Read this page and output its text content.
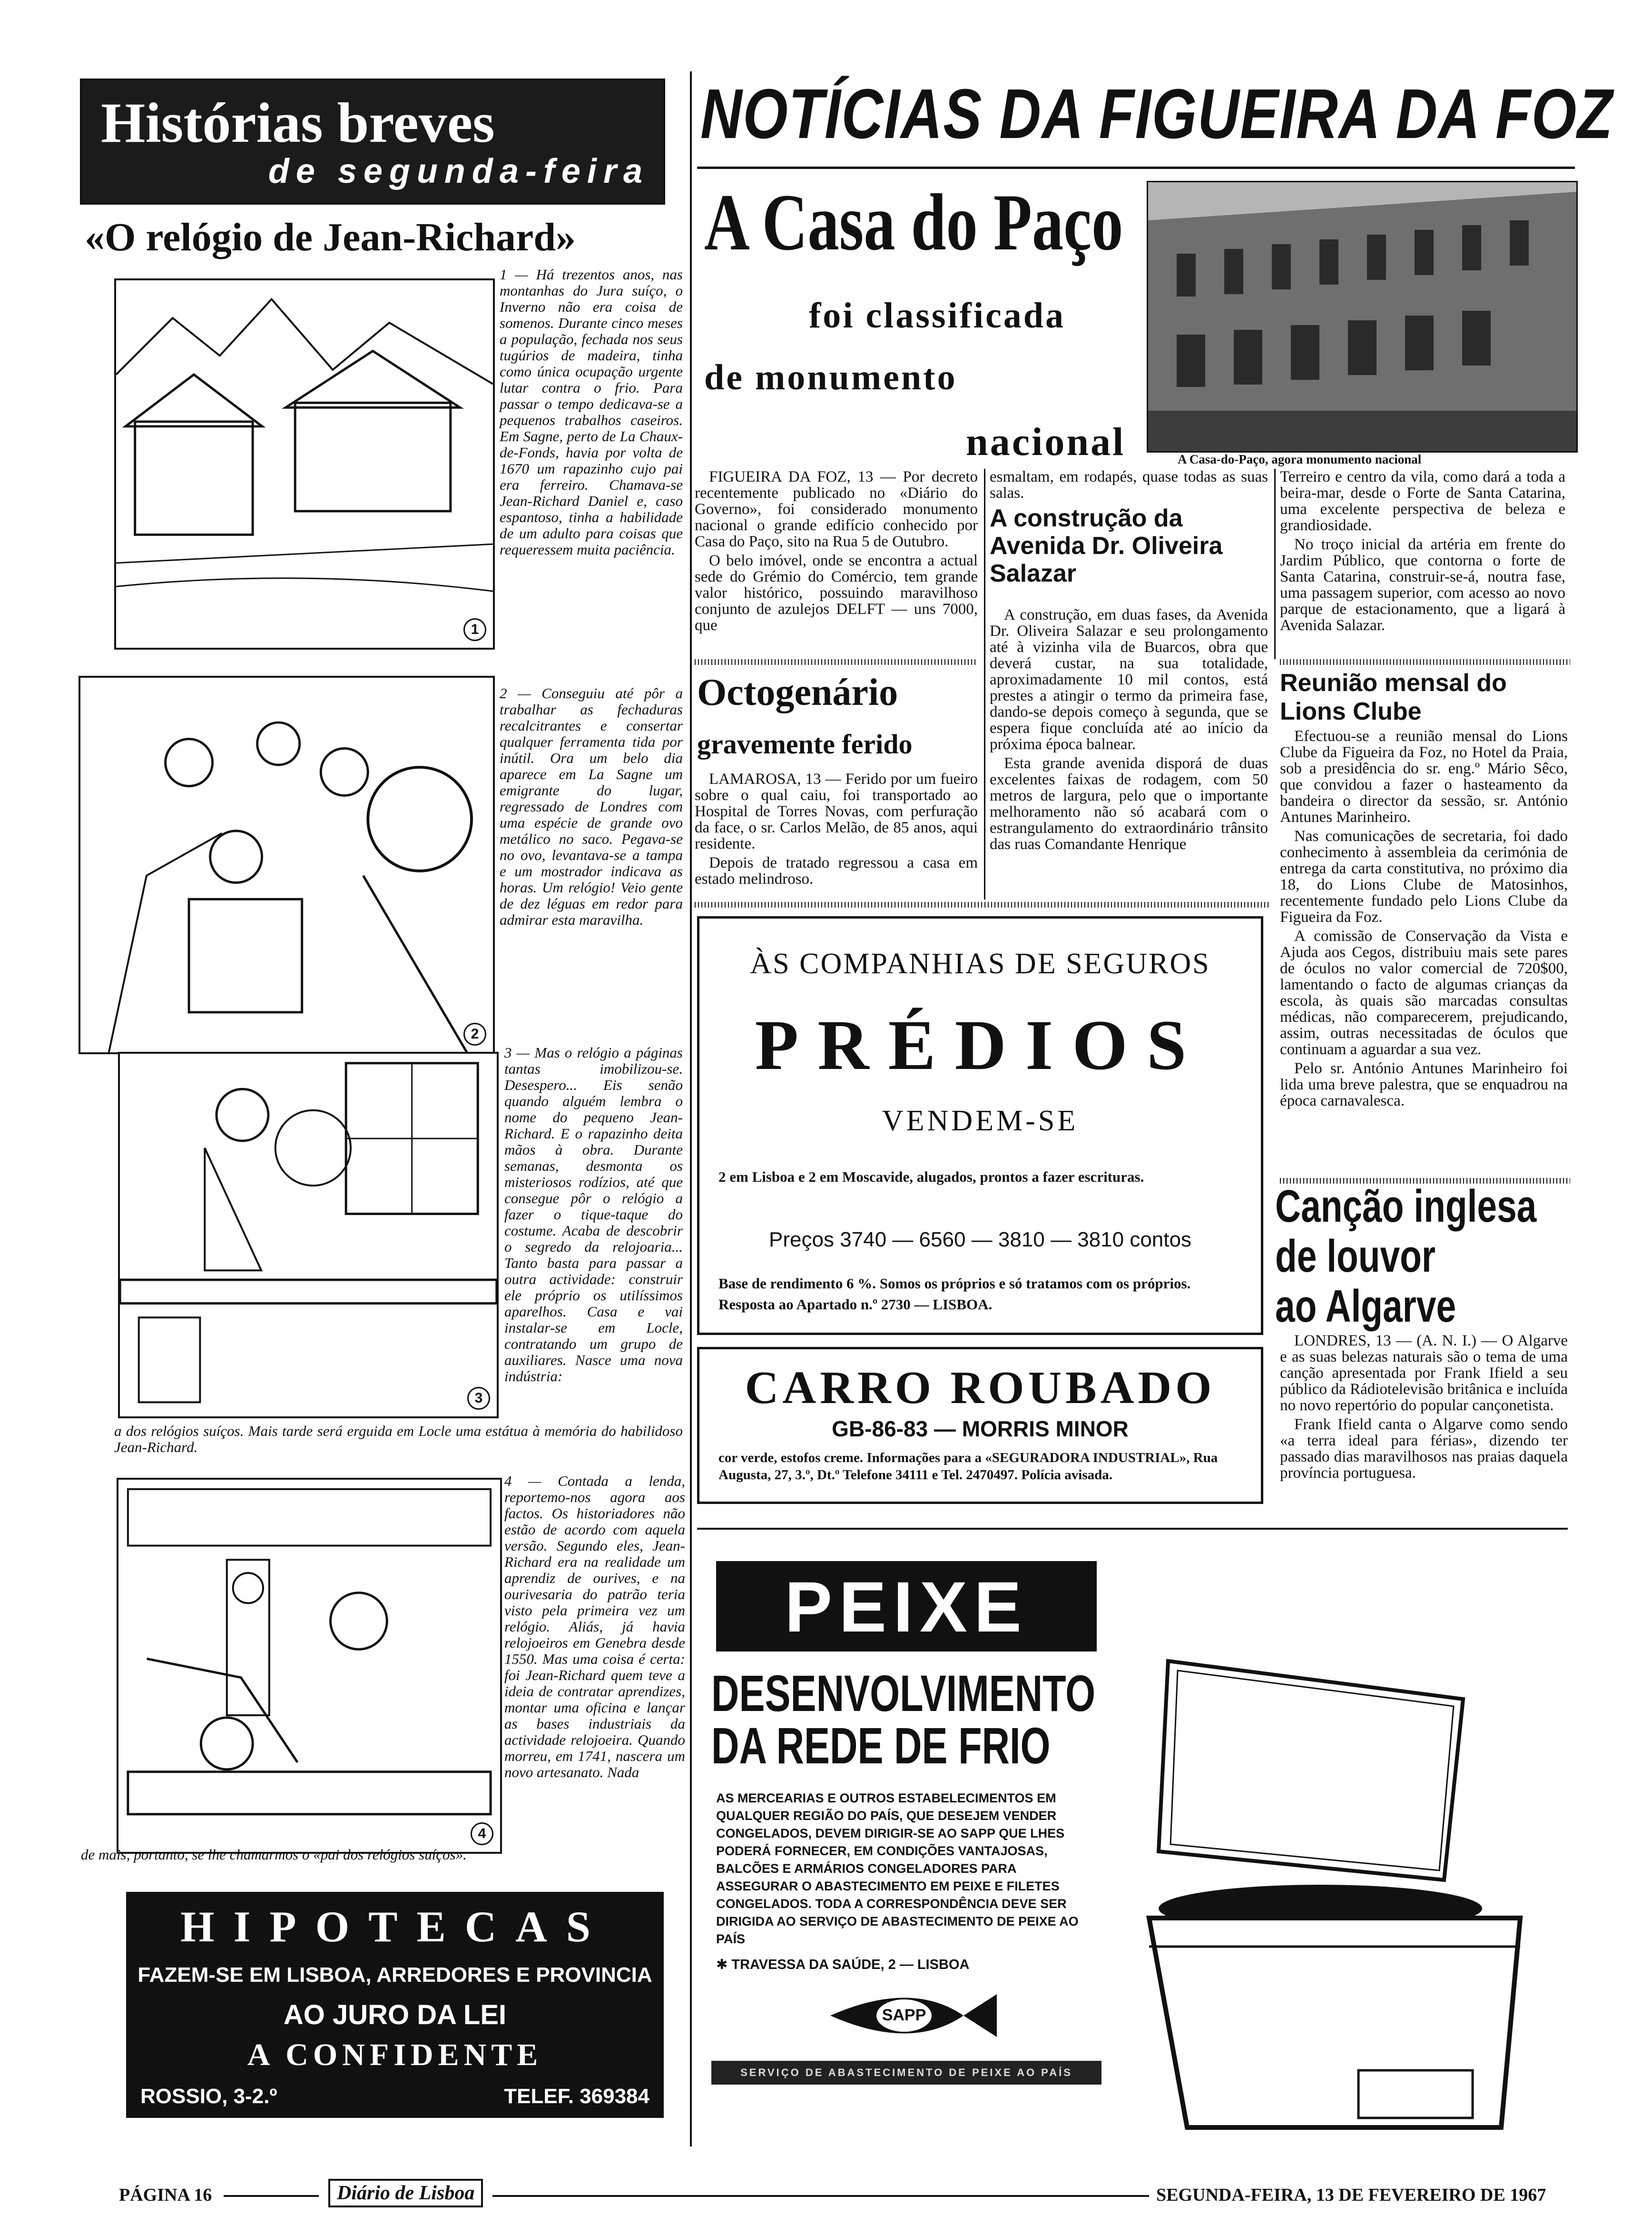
Histórias breves
de segunda-feira
«O relógio de Jean-Richard»
1
1 — Há trezentos anos, nas montanhas do Jura suíço, o Inverno não era coisa de somenos. Durante cinco meses a população, fechada nos seus tugúrios de madeira, tinha como única ocupação urgente lutar contra o frio. Para passar o tempo dedicava-se a pequenos trabalhos caseiros. Em Sagne, perto de La Chaux-de-Fonds, havia por volta de 1670 um rapazinho cujo pai era ferreiro. Chamava-se Jean-Richard Daniel e, caso espantoso, tinha a habilidade de um adulto para coisas que requeressem muita paciência.
2
2 — Conseguiu até pôr a trabalhar as fechaduras recalcitrantes e consertar qualquer ferramenta tida por inútil. Ora um belo dia aparece em La Sagne um emigrante do lugar, regressado de Londres com uma espécie de grande ovo metálico no saco. Pegava-se no ovo, levantava-se a tampa e um mostrador indicava as horas. Um relógio! Veio gente de dez léguas em redor para admirar esta maravilha.
3
3 — Mas o relógio a páginas tantas imobilizou-se. Desespero... Eis senão quando alguém lembra o nome do pequeno Jean-Richard. E o rapazinho deita mãos à obra. Durante semanas, desmonta os misteriosos rodízios, até que consegue pôr o relógio a fazer o tique-taque do costume. Acaba de descobrir o segredo da relojoaria... Tanto basta para passar a outra actividade: construir ele próprio os utilíssimos aparelhos. Casa e vai instalar-se em Locle, contratando um grupo de auxiliares. Nasce uma nova indústria:
a dos relógios suíços. Mais tarde será erguida em Locle uma estátua à memória do habilidoso Jean-Richard.
4
4 — Contada a lenda, reportemo-nos agora aos factos. Os historiadores não estão de acordo com aquela versão. Segundo eles, Jean-Richard era na realidade um aprendiz de ourives, e na ourivesaria do patrão teria visto pela primeira vez um relógio. Aliás, já havia relojoeiros em Genebra desde 1550. Mas uma coisa é certa: foi Jean-Richard quem teve a ideia de contratar aprendizes, montar uma oficina e lançar as bases industriais da actividade relojoeira. Quando morreu, em 1741, nascera um novo artesanato. Nada
de mais, portanto, se lhe chamarmos o «pai dos relógios suíços».
HIPOTECAS
FAZEM-SE EM LISBOA, ARREDORES E PROVINCIA
AO JURO DA LEI
A CONFIDENTE
ROSSIO, 3-2.º	TELEF. 369384
NOTÍCIAS DA FIGUEIRA DA FOZ
A Casa do Paço
foi classificada
de monumento
nacional	A Casa-do-Paço, agora monumento nacional

FIGUEIRA DA FOZ, 13 — Por decreto recentemente publicado no «Diário do Governo», foi considerado monumento nacional o grande edifício conhecido por Casa do Paço, sito na Rua 5 de Outubro.

O belo imóvel, onde se encontra a actual sede do Grémio do Comércio, tem grande valor histórico, possuindo maravilhoso conjunto de azulejos DELFT — uns 7000, que

esmaltam, em rodapés, quase todas as suas salas.
A construção da Avenida Dr. Oliveira Salazar

A construção, em duas fases, da Avenida Dr. Oliveira Salazar e seu prolongamento até à vizinha vila de Buarcos, obra que deverá custar, na sua totalidade, aproximadamente 10 mil contos, está prestes a atingir o termo da primeira fase, dando-se depois começo à segunda, que se espera fique concluída até ao início da próxima época balnear.

Esta grande avenida disporá de duas excelentes faixas de rodagem, com 50 metros de largura, pelo que o importante melhoramento não só acabará com o estrangulamento do extraordinário trânsito das ruas Comandante Henrique

Terreiro e centro da vila, como dará a toda a beira-mar, desde o Forte de Santa Catarina, uma excelente perspectiva de beleza e grandiosidade.

No troço inicial da artéria em frente do Jardim Público, que contorna o forte de Santa Catarina, construir-se-á, noutra fase, uma passagem superior, com acesso ao novo parque de estacionamento, que a ligará à Avenida Salazar.

Octogenário
gravemente ferido

LAMAROSA, 13 — Ferido por um fueiro sobre o qual caiu, foi transportado ao Hospital de Torres Novas, com perfuração da face, o sr. Carlos Melão, de 85 anos, aqui residente.

Depois de tratado regressou a casa em estado melindroso.

Reunião mensal do Lions Clube

Efectuou-se a reunião mensal do Lions Clube da Figueira da Foz, no Hotel da Praia, sob a presidência do sr. eng.º Mário Sêco, que convidou a fazer o hasteamento da bandeira o director da sessão, sr. António Antunes Marinheiro.

Nas comunicações de secretaria, foi dado conhecimento à assembleia da cerimónia de entrega da carta constitutiva, no próximo dia 18, do Lions Clube de Matosinhos, recentemente fundado pelo Lions Clube da Figueira da Foz.

A comissão de Conservação da Vista e Ajuda aos Cegos, distribuiu mais sete pares de óculos no valor comercial de 720$00, lamentando o facto de algumas crianças da escola, às quais são marcadas consultas médicas, não comparecerem, prejudicando, assim, outras necessitadas de óculos que continuam a aguardar a sua vez.

Pelo sr. António Antunes Marinheiro foi lida uma breve palestra, que se enquadrou na época carnavalesca.

ÀS COMPANHIAS DE SEGUROS
PRÉDIOS
VENDEM-SE
2 em Lisboa e 2 em Moscavide, alugados, prontos a fazer escrituras.
Preços 3740 — 6560 — 3810 — 3810 contos
Base de rendimento 6 %. Somos os próprios e só tratamos com os próprios. Resposta ao Apartado n.º 2730 — LISBOA.
CARRO ROUBADO
GB-86-83 — MORRIS MINOR
cor verde, estofos creme. Informações para a «SEGURADORA INDUSTRIAL», Rua Augusta, 27, 3.º, Dt.º Telefone 34111 e Tel. 2470497. Polícia avisada.
Canção inglesa
de louvor
ao Algarve

LONDRES, 13 — (A. N. I.) — O Algarve e as suas belezas naturais são o tema de uma canção apresentada por Frank Ifield a seu público da Rádiotelevisão britânica e incluída no novo repertório do popular cançonetista.

Frank Ifield canta o Algarve como sendo «a terra ideal para férias», dizendo ter passado dias maravilhosos nas praias daquela província portuguesa.

PEIXE
DESENVOLVIMENTO
DA REDE DE FRIO
AS MERCEARIAS E OUTROS ESTABELECIMENTOS EM QUALQUER REGIÃO DO PAÍS, QUE DESEJEM VENDER CONGELADOS, DEVEM DIRIGIR-SE AO SAPP QUE LHES PODERÁ FORNECER, EM CONDIÇÕES VANTAJOSAS, BALCÕES E ARMÁRIOS CONGELADORES PARA ASSEGURAR O ABASTECIMENTO EM PEIXE E FILETES CONGELADOS. TODA A CORRESPONDÊNCIA DEVE SER DIRIGIDA AO SERVIÇO DE ABASTECIMENTO DE PEIXE AO PAÍS
✱ TRAVESSA DA SAÚDE, 2 — LISBOA
SAPP
SERVIÇO DE ABASTECIMENTO DE PEIXE AO PAÍS
PÁGINA 16	Diário de Lisboa	SEGUNDA-FEIRA, 13 DE FEVEREIRO DE 1967
